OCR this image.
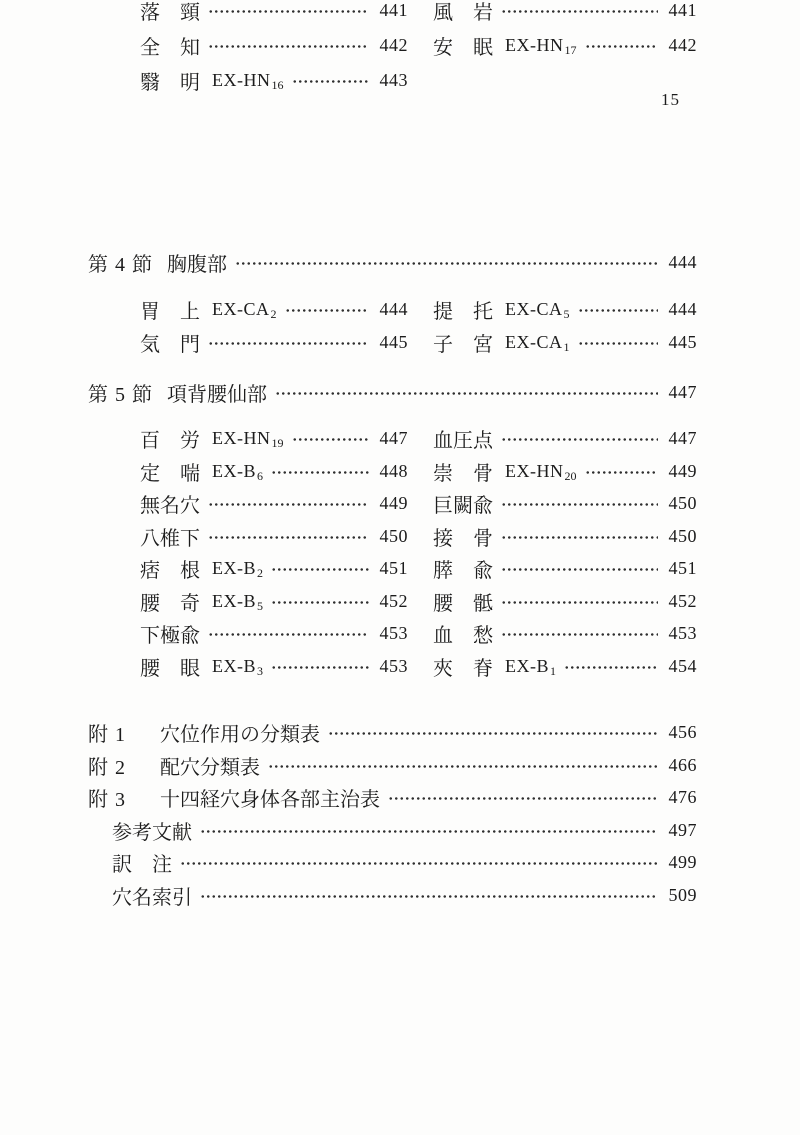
15
落　頸	441 風　岩	441
全　知	442 安　眠 EX-HN 17	442
翳　明 EX-HN 16	443
第 4 節 胸腹部	444
胃　上 EX-CA 2	444 提　托 EX-CA 5	444
気　門	445 子　宮 EX-CA 1	445
第 5 節 項背腰仙部	447
百　労 EX-HN 19	447 血圧点	447
定　喘 EX-B 6	448 崇　骨 EX-HN 20	449
無名穴	449 巨闕兪	450
八椎下	450 接　骨	450
痞　根 EX-B 2	451 膵　兪	451
腰　奇 EX-B 5	452 腰　骶	452
下極兪	453 血　愁	453
腰　眼 EX-B 3	453 夾　脊 EX-B 1	454
附 1 穴位作用の分類表	456
附 2 配穴分類表	466
附 3 十四経穴身体各部主治表	476
参考文献	497
訳　注	499
穴名索引	509
